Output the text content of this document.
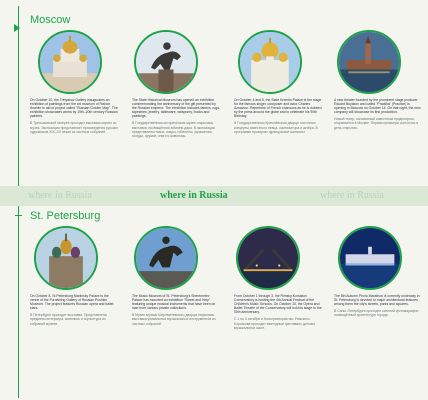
Moscow

On October 10, the Tretyakov Gallery inaugurates an exhibition of paintings from the art museum of Rishon Ibrahim in aid of project called "Russian Golden Map". The exhibition showcases works by 19th–20th century Russian painters.

В Третьяковской галерее проходит выставка картин из музея. Экспозиция представляет произведения русских художников XIX–XX веков из частных собраний.

The State Historical Museum has opened an exhibition commemorating the anniversary of the gift presented by the Russian emperor. The exhibition includes fabrics, rugs, tapestries, jewelry, tableware, weaponry, books and paintings.

В Государственном историческом музее открылась выставка, посвящённая юбилею дара. В экспозиции представлены ткани, ковры, гобелены, украшения, посуда, оружие, книги и живопись.

On October 4 and 5, the State Kremlin Palace is the stage for the famous singer, composer and actor Charles Aznavour. Repertoire of French chansons as he is dubbed by the press around the globe and to celebrate his 90th Birthday.

В Государственном Кремлёвском дворце состоятся концерты известного певца, композитора и актёра. В программе прозвучат французские шансоны.

A new theater founded by the prominent stage producer Eduard Boyakov and called "Practika" (Practice) is opening in Moscow on October 14. On that night, the new company will showcase its first production.

Новый театр, основанный известным продюсером, открывается в Москве. Первая премьера состоится в день открытия.

where in Russia	where in Russia	where in Russia
St. Petersburg

On October 8, St Petersburg Mariinsky Palace is the venue of the Furnishing Gallery of Russian Pushkin Museum. The project features Russian opera and ballet stars.

В Петербурге проходит выставка. Представлены предметы интерьера, живопись и скульптура из собраний музеев.

The Music Museum of St. Petersburg's Sheremetev Palace has mounted an exhibition "Sweet and Help" featuring unique musical instruments that have been on loan from various private collections.

В Музее музыки Шереметевского дворца открылась выставка уникальных музыкальных инструментов из частных собраний.

From October 1 through 3, the Rimsky-Korsakov Conservatory is hosting the 4th Annual Festival of the Children's Music Schools. On October 10, the Opera and Ballet Theatre of the Conservatory will hold its stage to the 50th anniversary.

С 1 по 3 октября в Консерватории им. Римского-Корсакова проходит ежегодный фестиваль детских музыкальных школ.

The 8th Autumn Photo Marathon is currently underway in St. Petersburg is devoted to major architectural features among them the city's streets, parks and squares.

В Санкт-Петербурге проходит осенний фотомарафон, посвящённый архитектуре города.
